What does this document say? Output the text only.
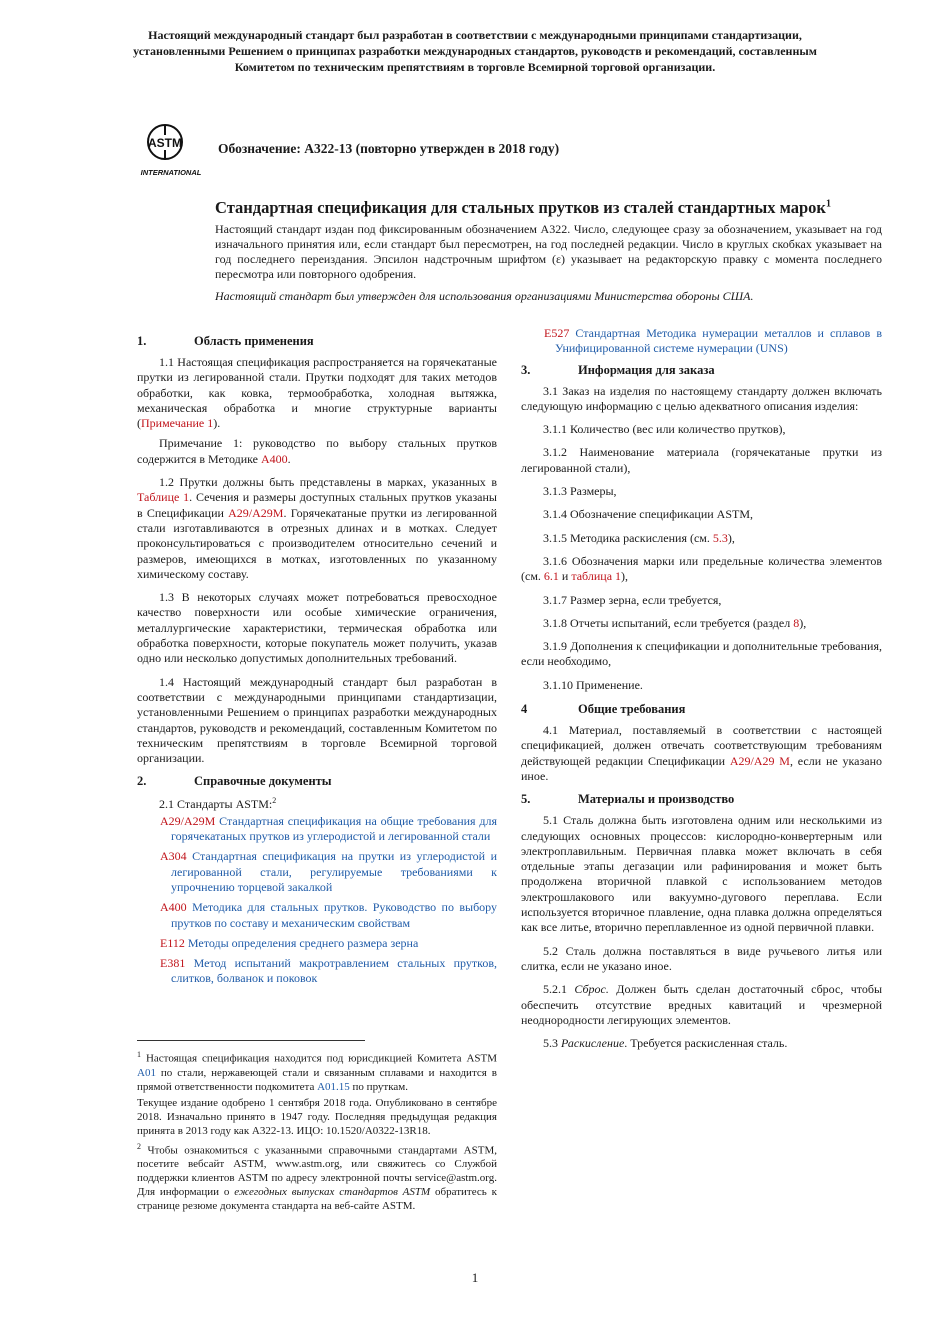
Настоящий международный стандарт был разработан в соответствии с международными принципами стандартизации, установленными Решением о принципах разработки международных стандартов, руководств и рекомендаций, составленным Комитетом по техническим препятствиям в торговле Всемирной торговой организации.
ASTM
INTERNATIONAL
Обозначение: A322-13 (повторно утвержден в 2018 году)
Стандартная спецификация для стальных прутков из сталей стандартных марок$^1$

Настоящий стандарт издан под фиксированным обозначением A322. Число, следующее сразу за обозначением, указывает на год изначального принятия или, если стандарт был пересмотрен, на год последней редакции. Число в круглых скобках указывает на год последнего переиздания. Эпсилон надстрочным шрифтом (ε) указывает на редакторскую правку с момента последнего пересмотра или повторного одобрения.

Настоящий стандарт был утвержден для использования организациями Министерства обороны США.

1.	Область применения

1.1 Настоящая спецификация распространяется на горячекатаные прутки из легированной стали. Прутки подходят для таких методов обработки, как ковка, термообработка, холодная вытяжка, механическая обработка и многие структурные варианты (Примечание 1).

Примечание 1: руководство по выбору стальных прутков содержится в Методике A400.

1.2 Прутки должны быть представлены в марках, указанных в Таблице 1. Сечения и размеры доступных стальных прутков указаны в Спецификации A29/A29M. Горячекатаные прутки из легированной стали изготавливаются в отрезных длинах и в мотках. Следует проконсультироваться с производителем относительно сечений и размеров, имеющихся в мотках, изготовленных по указанному химическому составу.

1.3 В некоторых случаях может потребоваться превосходное качество поверхности или особые химические ограничения, металлургические характеристики, термическая обработка или обработка поверхности, которые покупатель может получить, указав одно или несколько допустимых дополнительных требований.

1.4 Настоящий международный стандарт был разработан в соответствии с международными принципами стандартизации, установленными Решением о принципах разработки международных стандартов, руководств и рекомендаций, составленным Комитетом по техническим препятствиям в торговле Всемирной торговой организации.

2.	Справочные документы

2.1 Стандарты ASTM:$^2$

A29/A29M Стандартная спецификация на общие требования для горячекатаных прутков из углеродистой и легированной стали

A304 Стандартная спецификация на прутки из углеродистой и легированной стали, регулируемые требованиями к упрочнению торцевой закалкой

A400 Методика для стальных прутков. Руководство по выбору прутков по составу и механическим свойствам

E112 Методы определения среднего размера зерна

E381 Метод испытаний макротравлением стальных прутков, слитков, болванок и поковок

$^1$ Настоящая спецификация находится под юрисдикцией Комитета ASTM A01 по стали, нержавеющей стали и связанным сплавами и находится в прямой ответственности подкомитета A01.15 по пруткам.

Текущее издание одобрено 1 сентября 2018 года. Опубликовано в сентябре 2018. Изначально принято в 1947 году. Последняя предыдущая редакция принята в 2013 году как A322-13. ИЦО: 10.1520/A0322-13R18.

$^2$ Чтобы ознакомиться с указанными справочными стандартами ASTM, посетите вебсайт ASTM, www.astm.org, или свяжитесь со Службой поддержки клиентов ASTM по адресу электронной почты service@astm.org. Для информации о ежегодных выпусках стандартов ASTM обратитесь к странице резюме документа стандарта на веб-сайте ASTM.

E527 Стандартная Методика нумерации металлов и сплавов в Унифицированной системе нумерации (UNS)

3.	Информация для заказа

3.1 Заказ на изделия по настоящему стандарту должен включать следующую информацию с целью адекватного описания изделия:

3.1.1 Количество (вес или количество прутков),

3.1.2 Наименование материала (горячекатаные прутки из легированной стали),

3.1.3 Размеры,

3.1.4 Обозначение спецификации ASTM,

3.1.5 Методика раскисления (см. 5.3),

3.1.6 Обозначения марки или предельные количества элементов (см. 6.1 и таблица 1),

3.1.7 Размер зерна, если требуется,

3.1.8 Отчеты испытаний, если требуется (раздел 8),

3.1.9 Дополнения к спецификации и дополнительные требования, если необходимо,

3.1.10 Применение.

4	Общие требования

4.1 Материал, поставляемый в соответствии с настоящей спецификацией, должен отвечать соответствующим требованиям действующей редакции Спецификации A29/A29 M, если не указано иное.

5.	Материалы и производство

5.1 Сталь должна быть изготовлена одним или несколькими из следующих основных процессов: кислородно-конвертерным или электроплавильным. Первичная плавка может включать в себя отдельные этапы дегазации или рафинирования и может быть продолжена вторичной плавкой с использованием методов электрошлакового или вакуумно-дугового переплава. Если используется вторичное плавление, одна плавка должна определяться как все литье, вторично переплавленное из одной первичной плавки.

5.2 Сталь должна поставляться в виде ручьевого литья или слитка, если не указано иное.

5.2.1 Сброс. Должен быть сделан достаточный сброс, чтобы обеспечить отсутствие вредных кавитаций и чрезмерной неоднородности легирующих элементов.

5.3 Раскисление. Требуется раскисленная сталь.

1
